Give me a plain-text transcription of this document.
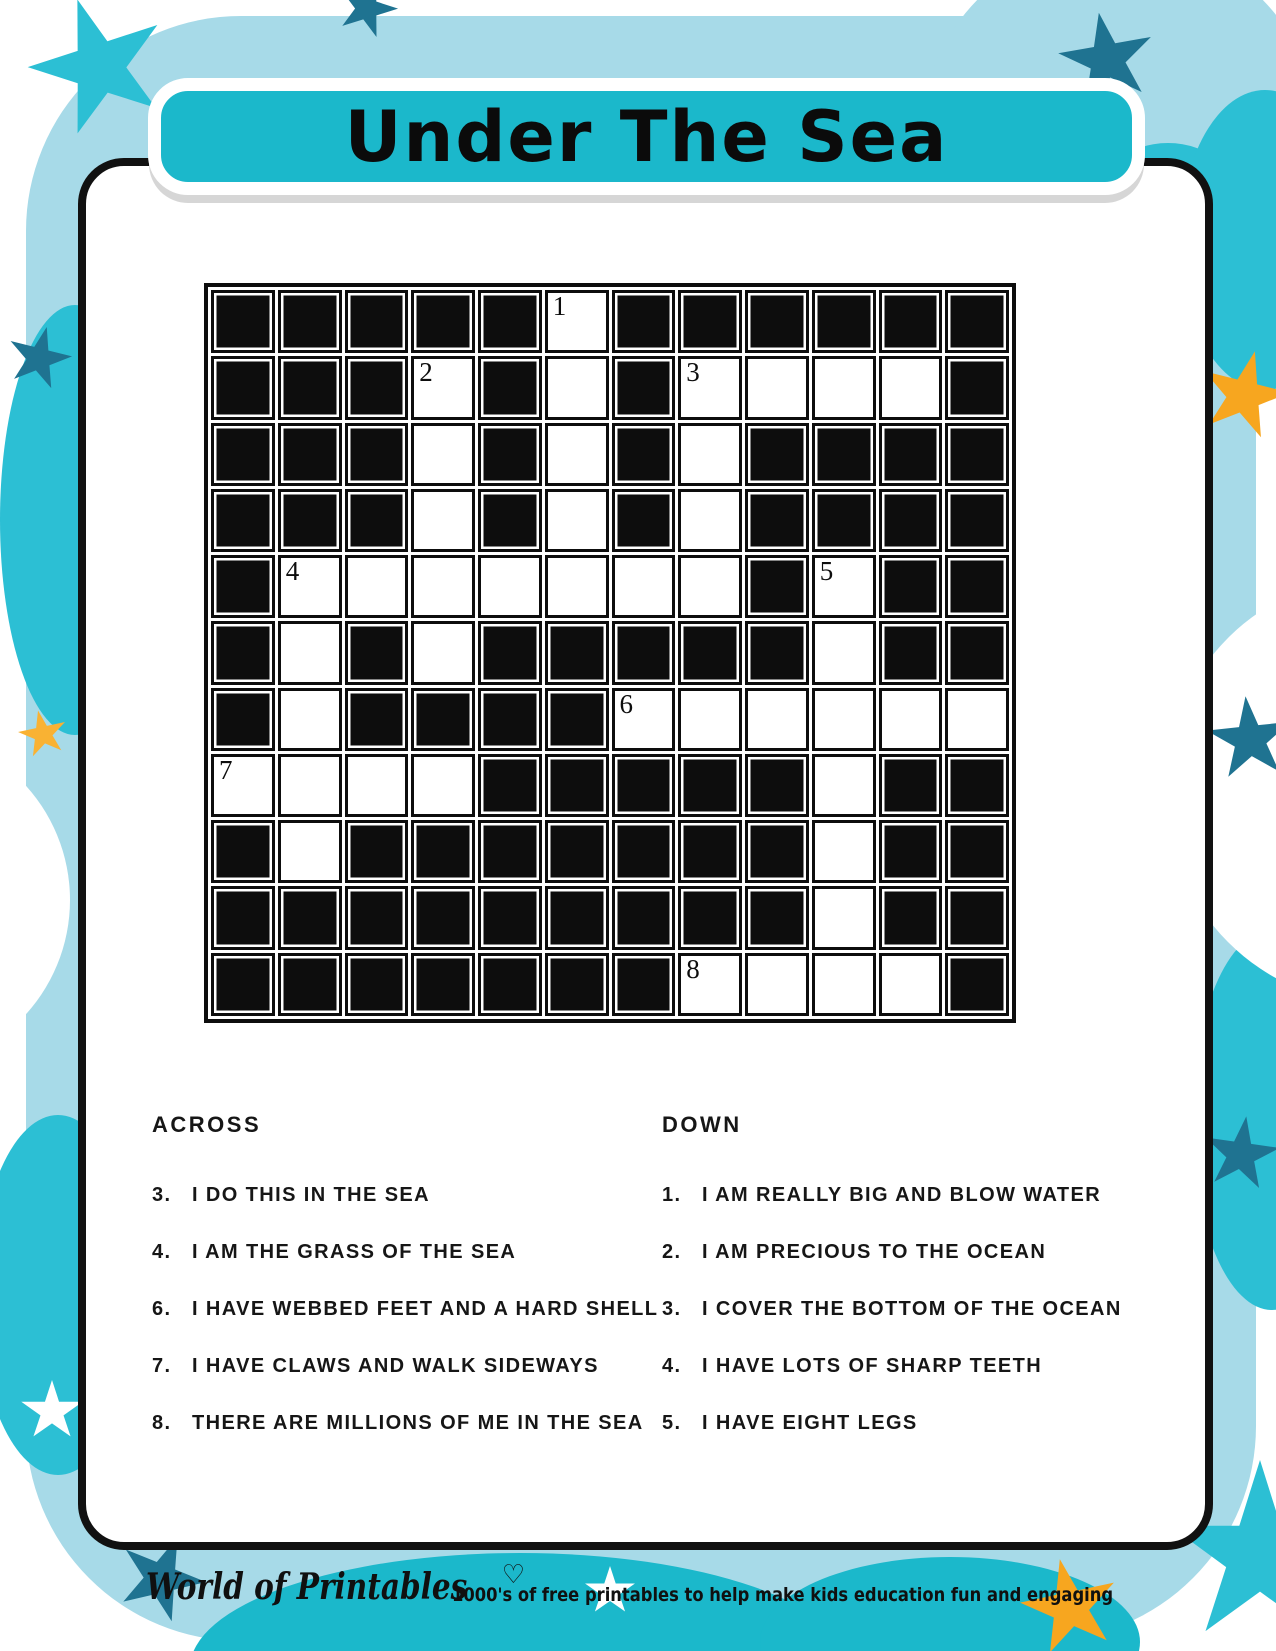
Under The Sea
1
2	3
4	5
6
7
8
ACROSS
3.	I DO THIS IN THE SEA
4.	I AM THE GRASS OF THE SEA
6.	I HAVE WEBBED FEET AND A HARD SHELL
7.	I HAVE CLAWS AND WALK SIDEWAYS
8.	THERE ARE MILLIONS OF ME IN THE SEA
DOWN
1.	I AM REALLY BIG AND BLOW WATER
2.	I AM PRECIOUS TO THE OCEAN
3.	I COVER THE BOTTOM OF THE OCEAN
4.	I HAVE LOTS OF SHARP TEETH
5.	I HAVE EIGHT LEGS
World of Printables ♡
1000's of free printables to help make kids education fun and engaging
